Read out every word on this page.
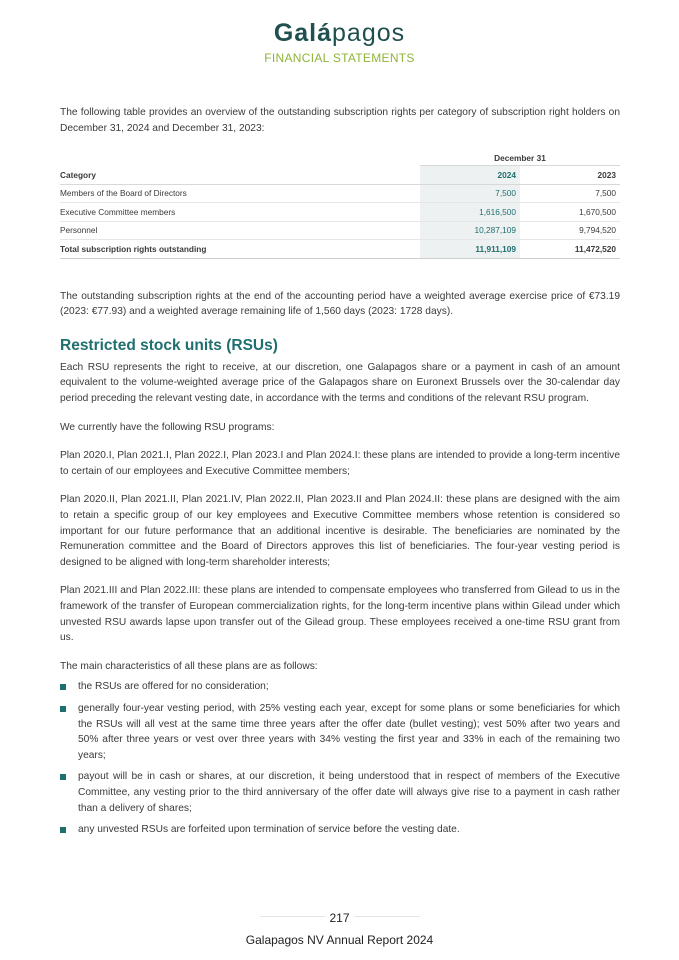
Galápagos
FINANCIAL STATEMENTS

The following table provides an overview of the outstanding subscription rights per category of subscription right holders on December 31, 2024 and December 31, 2023:

	December 31	
Category	2024	2023
Members of the Board of Directors	7,500	7,500
Executive Committee members	1,616,500	1,670,500
Personnel	10,287,109	9,794,520
Total subscription rights outstanding	11,911,109	11,472,520

The outstanding subscription rights at the end of the accounting period have a weighted average exercise price of €73.19 (2023: €77.93) and a weighted average remaining life of 1,560 days (2023: 1728 days).

Restricted stock units (RSUs)

Each RSU represents the right to receive, at our discretion, one Galapagos share or a payment in cash of an amount equivalent to the volume-weighted average price of the Galapagos share on Euronext Brussels over the 30-calendar day period preceding the relevant vesting date, in accordance with the terms and conditions of the relevant RSU program.

We currently have the following RSU programs:

Plan 2020.I, Plan 2021.I, Plan 2022.I, Plan 2023.I and Plan 2024.I: these plans are intended to provide a long-term incentive to certain of our employees and Executive Committee members;

Plan 2020.II, Plan 2021.II, Plan 2021.IV, Plan 2022.II, Plan 2023.II and Plan 2024.II: these plans are designed with the aim to retain a specific group of our key employees and Executive Committee members whose retention is considered so important for our future performance that an additional incentive is desirable. The beneficiaries are nominated by the Remuneration committee and the Board of Directors approves this list of beneficiaries. The four-year vesting period is designed to be aligned with long-term shareholder interests;

Plan 2021.III and Plan 2022.III: these plans are intended to compensate employees who transferred from Gilead to us in the framework of the transfer of European commercialization rights, for the long-term incentive plans within Gilead under which unvested RSU awards lapse upon transfer out of the Gilead group. These employees received a one-time RSU grant from us.

The main characteristics of all these plans are as follows:

the RSUs are offered for no consideration;
generally four-year vesting period, with 25% vesting each year, except for some plans or some beneficiaries for which the RSUs will all vest at the same time three years after the offer date (bullet vesting); vest 50% after two years and 50% after three years or vest over three years with 34% vesting the first year and 33% in each of the remaining two years;
payout will be in cash or shares, at our discretion, it being understood that in respect of members of the Executive Committee, any vesting prior to the third anniversary of the offer date will always give rise to a payment in cash rather than a delivery of shares;
any unvested RSUs are forfeited upon termination of service before the vesting date.
217
Galapagos NV Annual Report 2024
